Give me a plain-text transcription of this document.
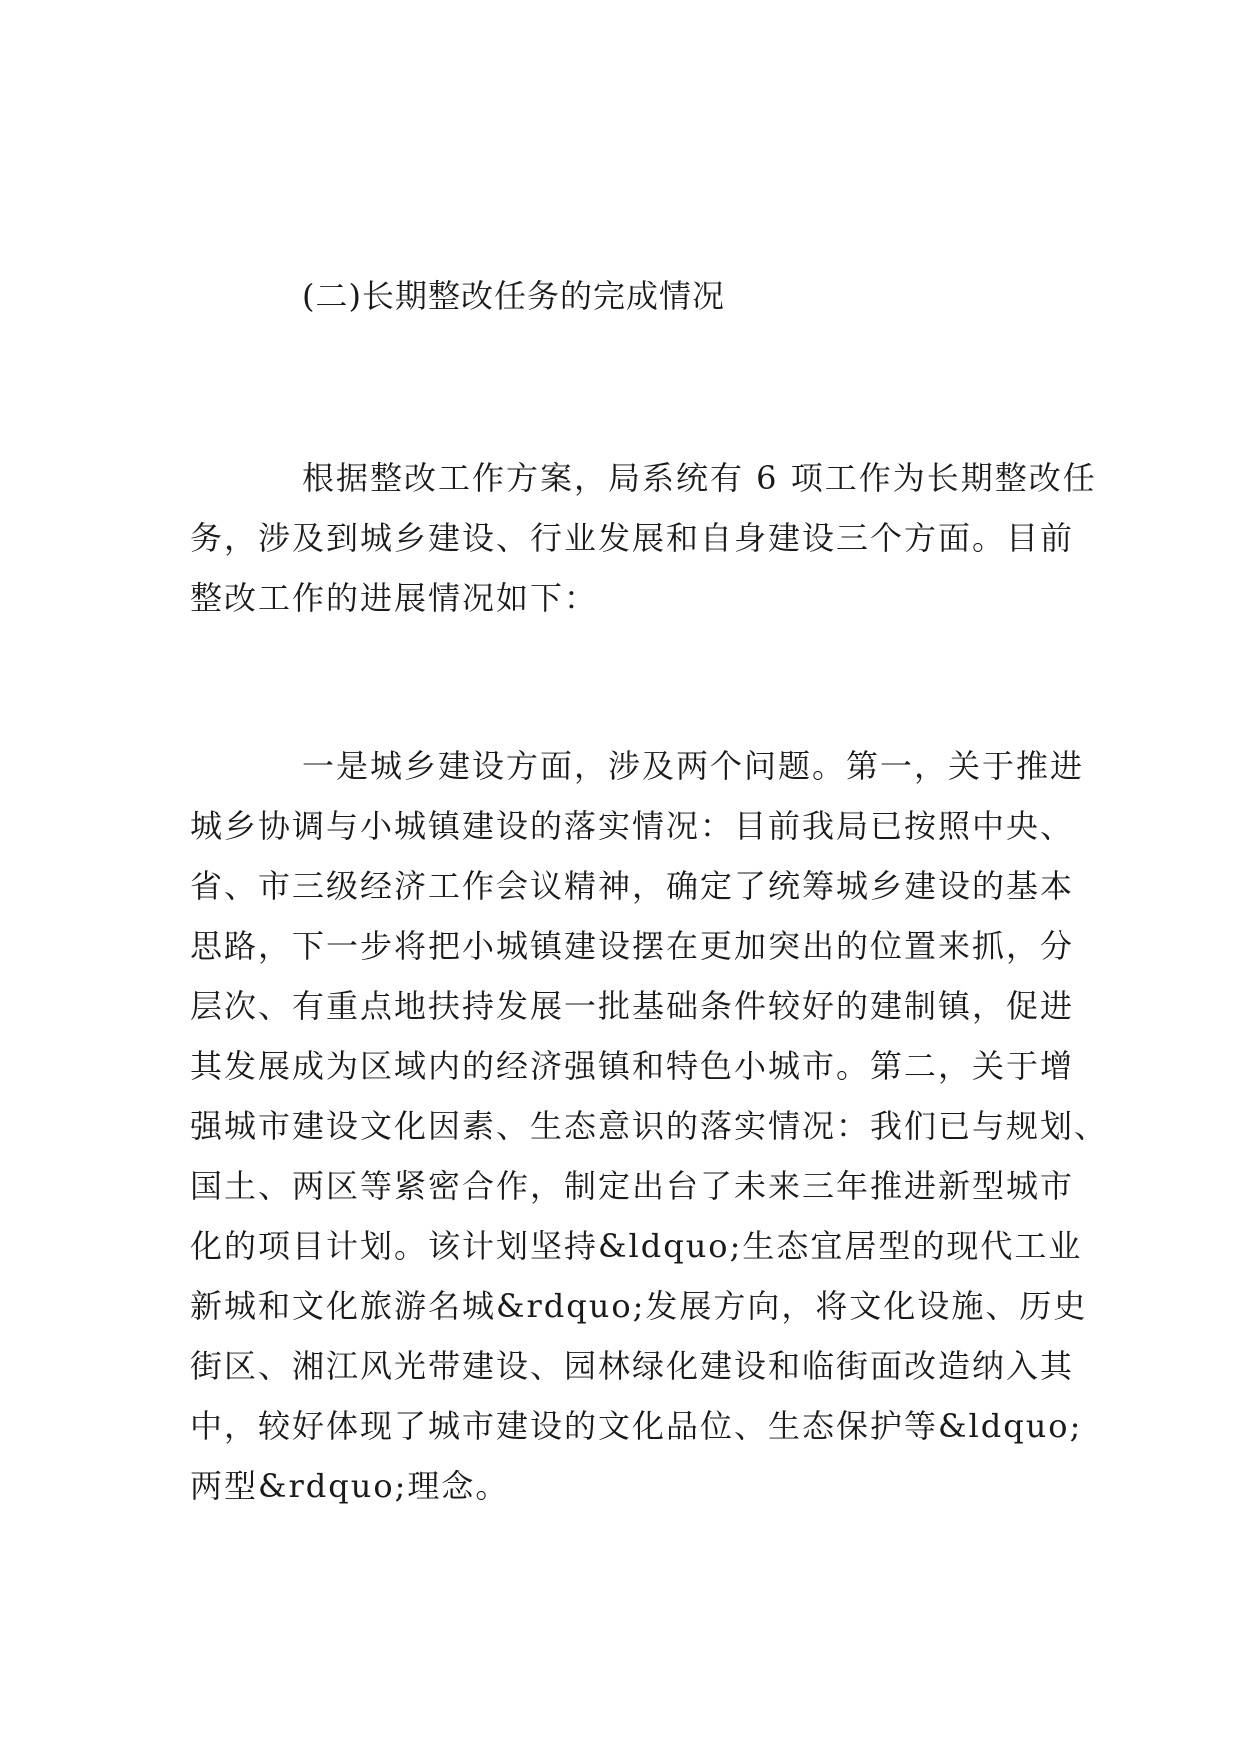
(二)长期整改任务的完成情况
根据整改工作方案，局系统有 6 项工作为长期整改任
务，涉及到城乡建设、行业发展和自身建设三个方面。目前
整改工作的进展情况如下：
一是城乡建设方面，涉及两个问题。第一，关于推进
城乡协调与小城镇建设的落实情况：目前我局已按照中央、
省、市三级经济工作会议精神，确定了统筹城乡建设的基本
思路，下一步将把小城镇建设摆在更加突出的位置来抓，分
层次、有重点地扶持发展一批基础条件较好的建制镇，促进
其发展成为区域内的经济强镇和特色小城市。第二，关于增
强城市建设文化因素、生态意识的落实情况：我们已与规划、
国土、两区等紧密合作，制定出台了未来三年推进新型城市
化的项目计划。该计划坚持&ldquo;生态宜居型的现代工业
新城和文化旅游名城&rdquo;发展方向，将文化设施、历史
街区、湘江风光带建设、园林绿化建设和临街面改造纳入其
中，较好体现了城市建设的文化品位、生态保护等&ldquo;
两型&rdquo;理念。
